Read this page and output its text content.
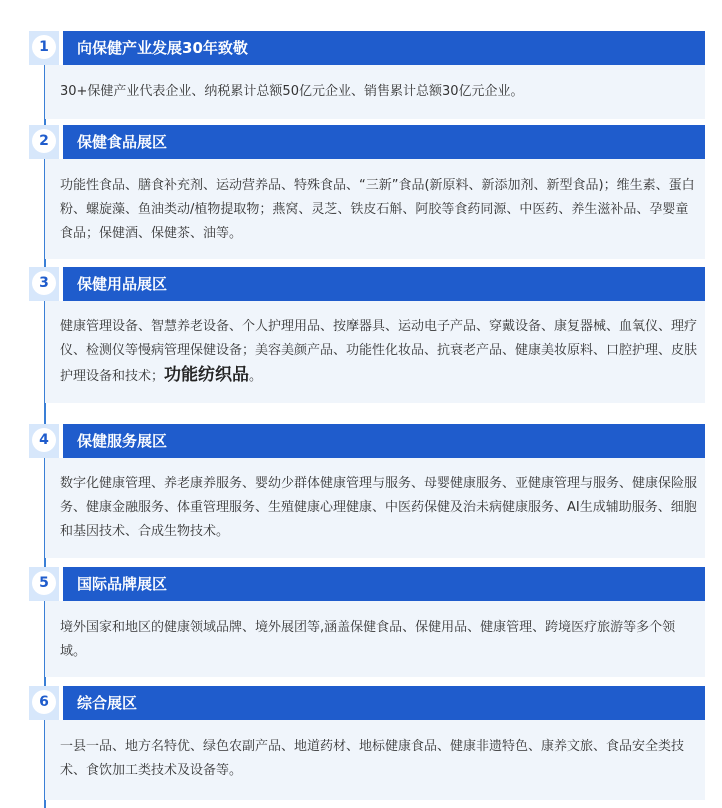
1	向保健产业发展30年致敬
30+保健产业代表企业、纳税累计总额50亿元企业、销售累计总额30亿元企业。
2	保健食品展区
功能性食品、膳食补充剂、运动营养品、特殊食品、“三新”食品(新原料、新添加剂、新型食品)；维生素、蛋白粉、螺旋藻、鱼油类动/植物提取物；燕窝、灵芝、铁皮石斛、阿胶等食药同源、中医药、养生滋补品、孕婴童食品；保健酒、保健茶、油等。
3	保健用品展区
健康管理设备、智慧养老设备、个人护理用品、按摩器具、运动电子产品、穿戴设备、康复器械、血氧仪、理疗仪、检测仪等慢病管理保健设备；美容美颜产品、功能性化妆品、抗衰老产品、健康美妆原料、口腔护理、皮肤护理设备和技术；功能纺织品。
4	保健服务展区
数字化健康管理、养老康养服务、婴幼少群体健康管理与服务、母婴健康服务、亚健康管理与服务、健康保险服务、健康金融服务、体重管理服务、生殖健康心理健康、中医药保健及治未病健康服务、AI生成辅助服务、细胞和基因技术、合成生物技术。
5	国际品牌展区
境外国家和地区的健康领域品牌、境外展团等,涵盖保健食品、保健用品、健康管理、跨境医疗旅游等多个领域。
6	综合展区
一县一品、地方名特优、绿色农副产品、地道药材、地标健康食品、健康非遗特色、康养文旅、食品安全类技术、食饮加工类技术及设备等。
